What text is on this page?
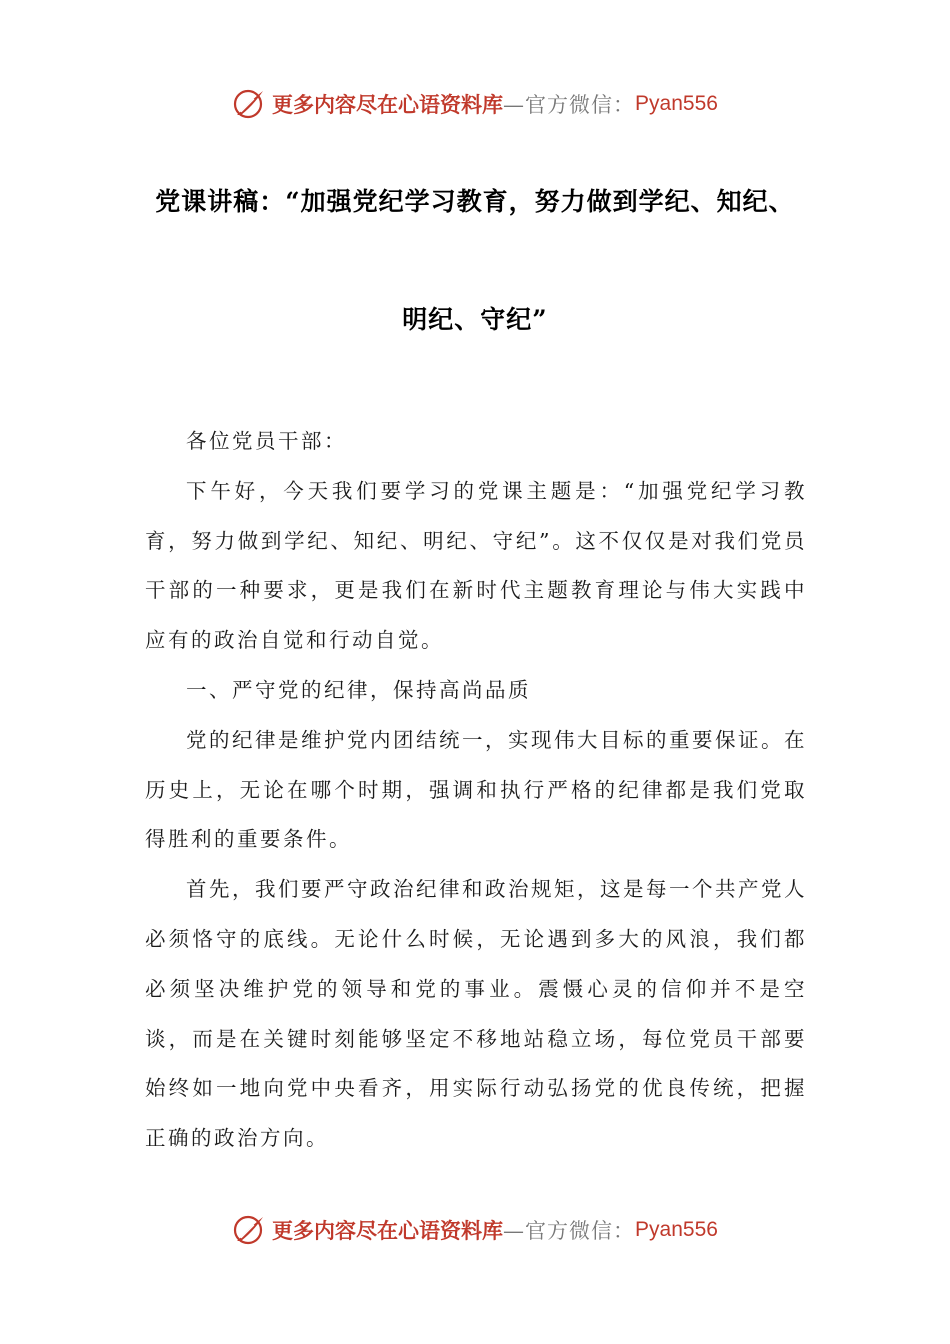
更多内容尽在心语资料库 —官方微信： Pyan556
党课讲稿：“加强党纪学习教育，努力做到学纪、知纪、
明纪、守纪”

各位党员干部：

下午好，今天我们要学习的党课主题是：“加强党纪学习教育，努力做到学纪、知纪、明纪、守纪”。这不仅仅是对我们党员干部的一种要求，更是我们在新时代主题教育理论与伟大实践中应有的政治自觉和行动自觉。

一、严守党的纪律，保持高尚品质

党的纪律是维护党内团结统一，实现伟大目标的重要保证。在历史上，无论在哪个时期，强调和执行严格的纪律都是我们党取得胜利的重要条件。

首先，我们要严守政治纪律和政治规矩，这是每一个共产党人必须恪守的底线。无论什么时候，无论遇到多大的风浪，我们都必须坚决维护党的领导和党的事业。震慑心灵的信仰并不是空谈，而是在关键时刻能够坚定不移地站稳立场，每位党员干部要始终如一地向党中央看齐，用实际行动弘扬党的优良传统，把握正确的政治方向。

更多内容尽在心语资料库 —官方微信： Pyan556
